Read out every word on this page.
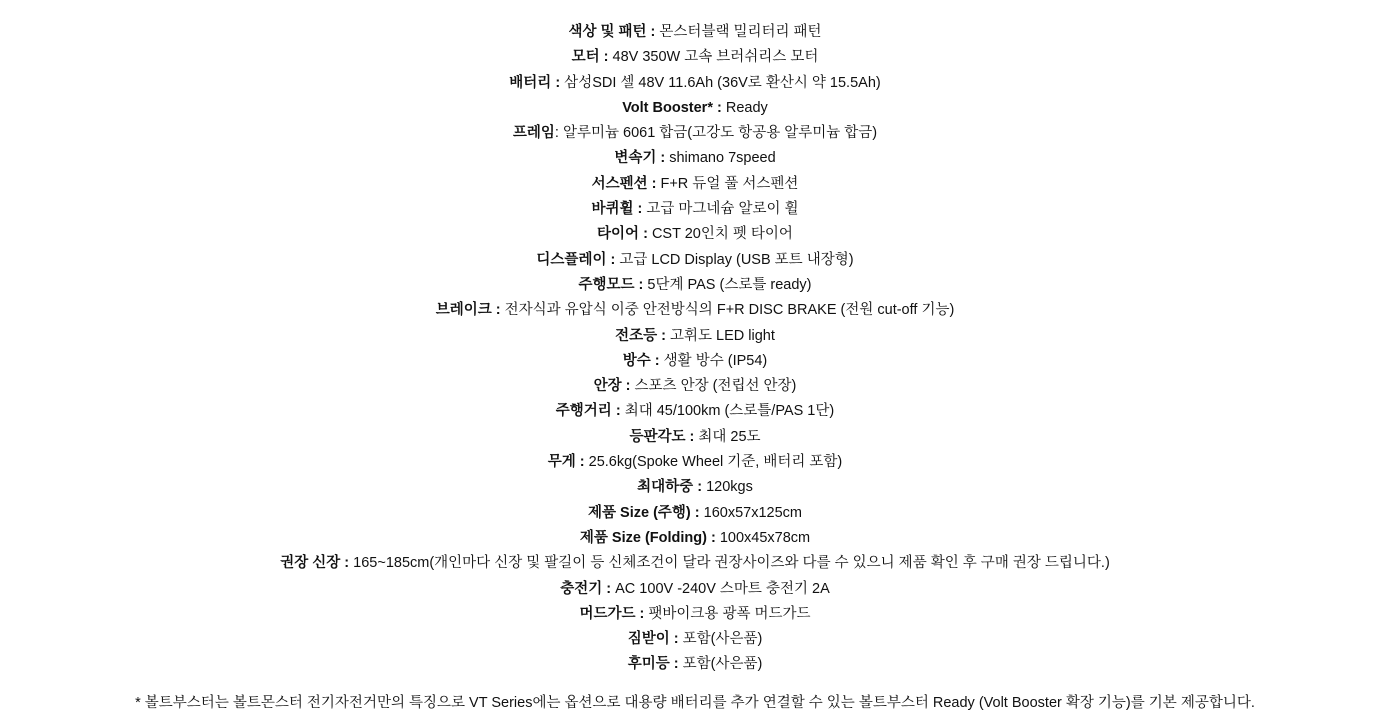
색상 및 패턴 : 몬스터블랙 밀리터리 패턴
모터 : 48V 350W 고속 브러쉬리스 모터
배터리 : 삼성SDI 셀 48V 11.6Ah (36V로 환산시 약 15.5Ah)
Volt Booster* : Ready
프레임: 알루미늄 6061 합금(고강도 항공용 알루미늄 합금)
변속기 : shimano 7speed
서스펜션 : F+R 듀얼 풀 서스펜션
바퀴휠 : 고급 마그네슘 알로이 휠
타이어 : CST 20인치 펫 타이어
디스플레이 : 고급 LCD Display (USB 포트 내장형)
주행모드 : 5단계 PAS (스로틀 ready)
브레이크 : 전자식과 유압식 이중 안전방식의 F+R DISC BRAKE (전원 cut-off 기능)
전조등 : 고휘도 LED light
방수 : 생활 방수 (IP54)
안장 : 스포츠 안장 (전립선 안장)
주행거리 : 최대 45/100km (스로틀/PAS 1단)
등판각도 : 최대 25도
무게 : 25.6kg(Spoke Wheel 기준, 배터리 포함)
최대하중 : 120kgs
제품 Size (주행) : 160x57x125cm
제품 Size (Folding) : 100x45x78cm
권장 신장 : 165~185cm(개인마다 신장 및 팔길이 등 신체조건이 달라 권장사이즈와 다를 수 있으니 제품 확인 후 구매 권장 드립니다.)
충전기 : AC 100V -240V 스마트 충전기 2A
머드가드 : 팻바이크용 광폭 머드가드
짐받이 : 포함(사은품)
후미등 : 포함(사은품)
* 볼트부스터는 볼트몬스터 전기자전거만의 특징으로 VT Series에는 옵션으로 대용량 배터리를 추가 연결할 수 있는 볼트부스터 Ready (Volt Booster 확장 기능)를 기본 제공합니다.
